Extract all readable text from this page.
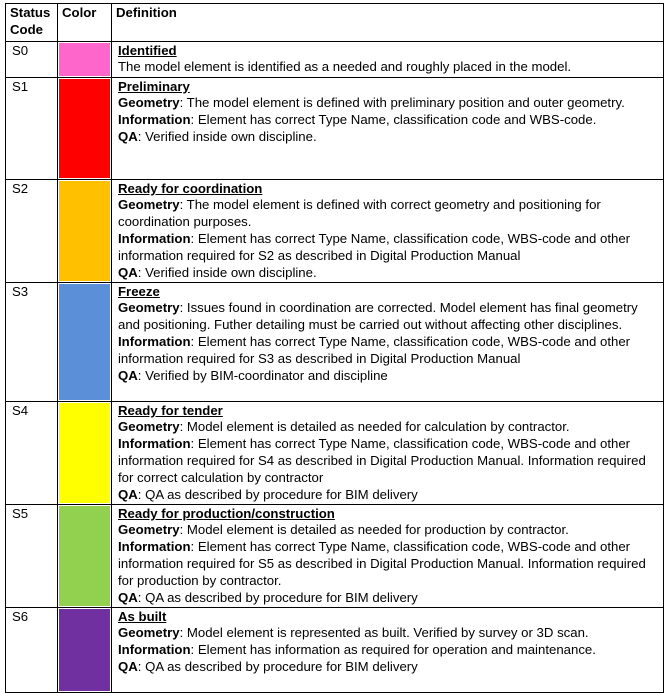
Status Code	Color	Definition
S0		Identified
The model element is identified as a needed and roughly placed in the model.

S1		Preliminary
Geometry: The model element is defined with preliminary position and outer geometry.
Information: Element has correct Type Name, classification code and WBS-code.
QA: Verified inside own discipline.

S2		Ready for coordination
Geometry: The model element is defined with correct geometry and positioning for coordination purposes.
Information: Element has correct Type Name, classification code, WBS-code and other information required for S2 as described in Digital Production Manual
QA: Verified inside own discipline.

S3		Freeze
Geometry: Issues found in coordination are corrected. Model element has final geometry and positioning. Futher detailing must be carried out without affecting other disciplines.
Information: Element has correct Type Name, classification code, WBS-code and other information required for S3 as described in Digital Production Manual
QA: Verified by BIM-coordinator and discipline

S4		Ready for tender
Geometry: Model element is detailed as needed for calculation by contractor.
Information: Element has correct Type Name, classification code, WBS-code and other information required for S4 as described in Digital Production Manual. Information required for correct calculation by contractor
QA: QA as described by procedure for BIM delivery

S5		Ready for production/construction
Geometry: Model element is detailed as needed for production by contractor.
Information: Element has correct Type Name, classification code, WBS-code and other information required for S5 as described in Digital Production Manual. Information required for production by contractor.
QA: QA as described by procedure for BIM delivery

S6		As built
Geometry: Model element is represented as built. Verified by survey or 3D scan.
Information: Element has information as required for operation and maintenance.
QA: QA as described by procedure for BIM delivery
